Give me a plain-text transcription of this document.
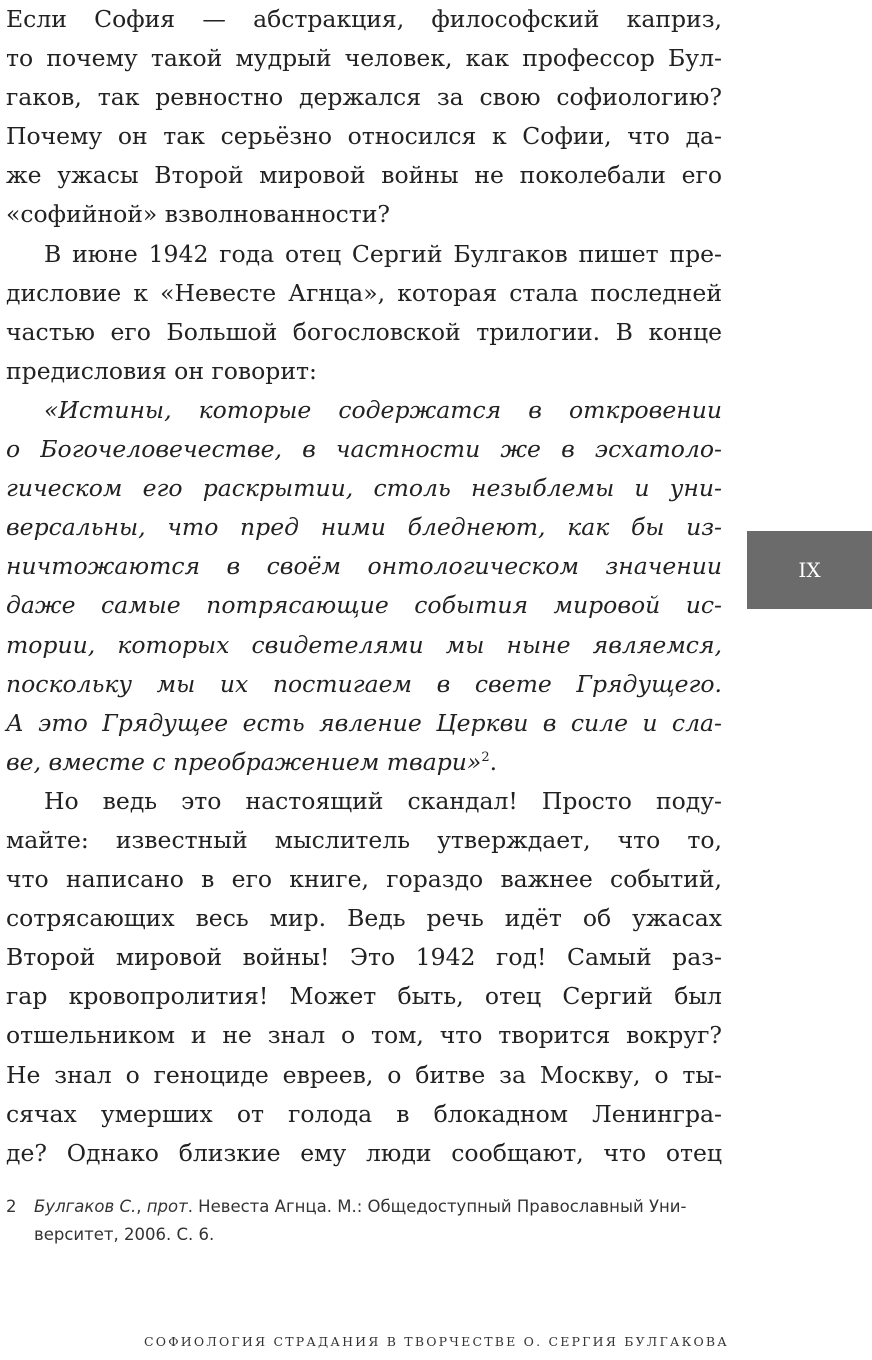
Если София — абстракция, философский каприз,
то почему такой мудрый человек, как профессор Бул-
гаков, так ревностно держался за свою софиологию?
Почему он так серьёзно относился к Софии, что да-
же ужасы Второй мировой войны не поколебали его
«софийной» взволнованности?
В июне 1942 года отец Сергий Булгаков пишет пре-
дисловие к «Невесте Агнца», которая стала последней
частью его Большой богословской трилогии. В конце
предисловия он говорит:
«Истины, которые содержатся в откровении
о Богочеловечестве, в частности же в эсхатоло-
гическом его раскрытии, столь незыблемы и уни-
версальны, что пред ними бледнеют, как бы из-
ничтожаются в своём онтологическом значении
даже самые потрясающие события мировой ис-
тории, которых свидетелями мы ныне являемся,
поскольку мы их постигаем в свете Грядущего.
А это Грядущее есть явление Церкви в силе и сла-
ве, вместе с преображением твари»$^2$.
Но ведь это настоящий скандал! Просто поду-
майте: известный мыслитель утверждает, что то,
что написано в его книге, гораздо важнее событий,
сотрясающих весь мир. Ведь речь идёт об ужасах
Второй мировой войны! Это 1942 год! Самый раз-
гар кровопролития! Может быть, отец Сергий был
отшельником и не знал о том, что творится вокруг?
Не знал о геноциде евреев, о битве за Москву, о ты-
сячах умерших от голода в блокадном Ленингра-
де? Однако близкие ему люди сообщают, что отец
IX
2 Булгаков С., прот. Невеста Агнца. М.: Общедоступный Православный Уни-
верситет, 2006. С. 6.
СОФИОЛОГИЯ СТРАДАНИЯ В ТВОРЧЕСТВЕ О. СЕРГИЯ БУЛГАКОВА
